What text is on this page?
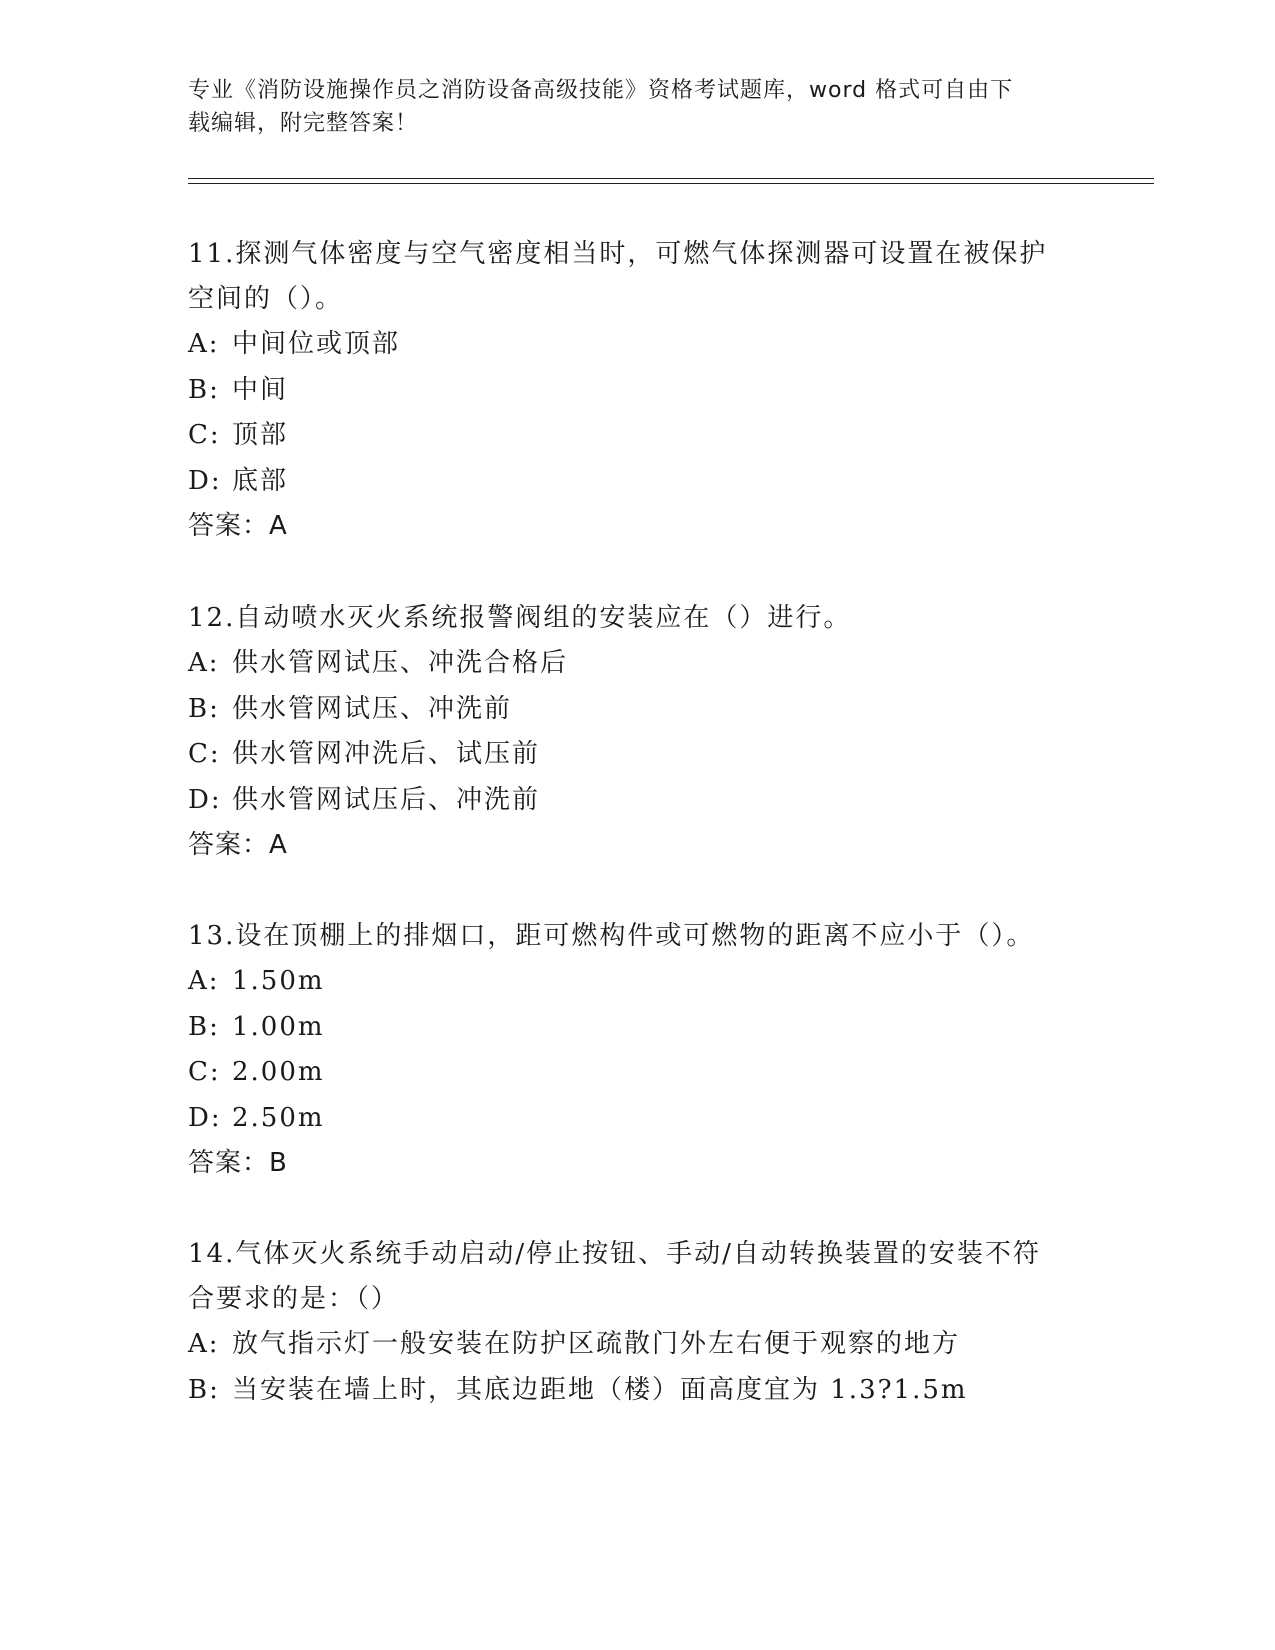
专业《消防设施操作员之消防设备高级技能》资格考试题库，word 格式可自由下
载编辑，附完整答案！

11.探测气体密度与空气密度相当时，可燃气体探测器可设置在被保护

空间的（）。

A: 中间位或顶部

B: 中间

C: 顶部

D: 底部

答案：A

12.自动喷水灭火系统报警阀组的安装应在（）进行。

A: 供水管网试压、冲洗合格后

B: 供水管网试压、冲洗前

C: 供水管网冲洗后、试压前

D: 供水管网试压后、冲洗前

答案：A

13.设在顶棚上的排烟口，距可燃构件或可燃物的距离不应小于（）。

A: 1.50m

B: 1.00m

C: 2.00m

D: 2.50m

答案：B

14.气体灭火系统手动启动/停止按钮、手动/自动转换装置的安装不符

合要求的是：（）

A: 放气指示灯一般安装在防护区疏散门外左右便于观察的地方

B: 当安装在墙上时，其底边距地（楼）面高度宜为 1.3?1.5m
